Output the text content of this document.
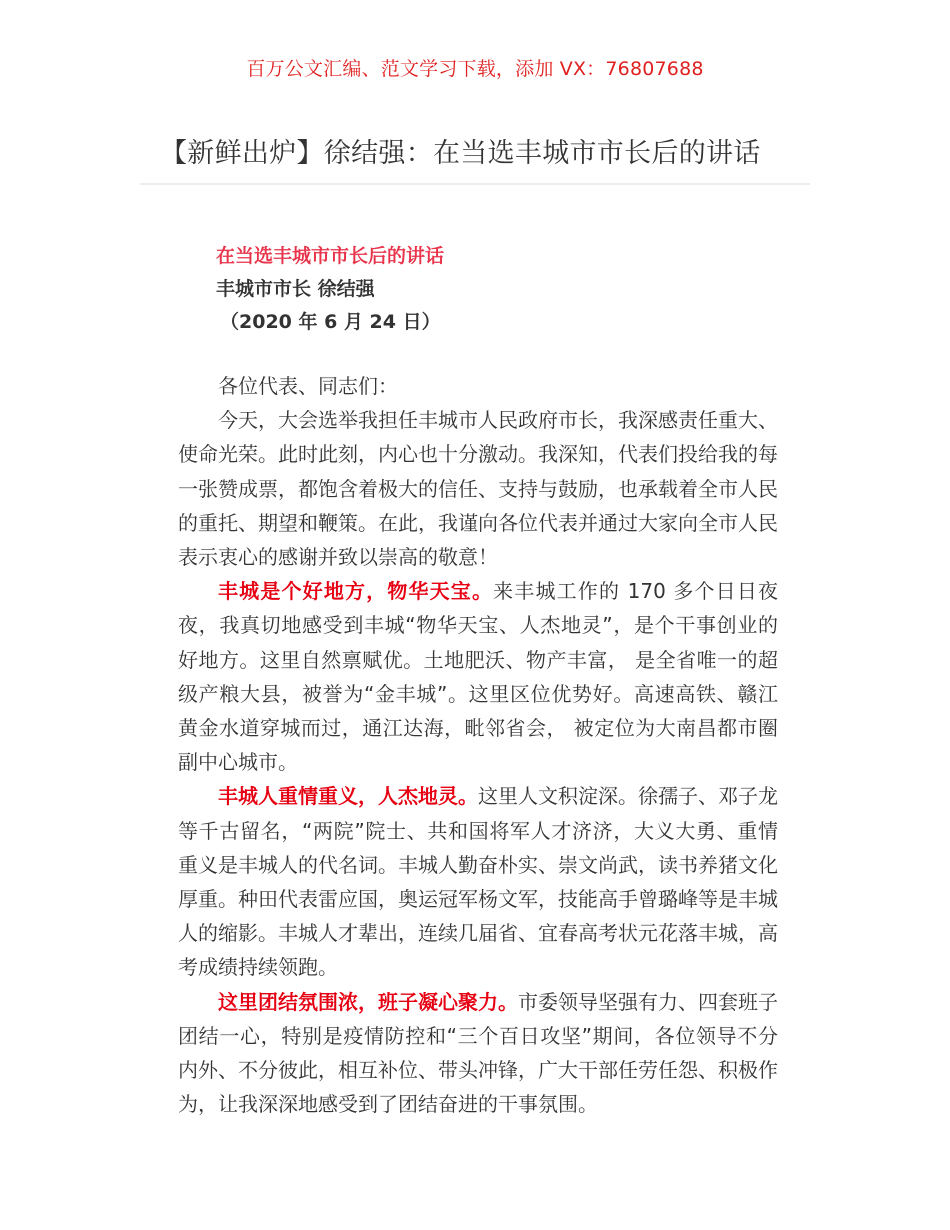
百万公文汇编、范文学习下载，添加 VX：76807688
【新鲜出炉】徐结强：在当选丰城市市长后的讲话
在当选丰城市市长后的讲话
丰城市市长 徐结强
（2020 年 6 月 24 日）

各位代表、同志们：

今天，大会选举我担任丰城市人民政府市长，我深感责任重大、使命光荣。此时此刻，内心也十分激动。我深知，代表们投给我的每一张赞成票，都饱含着极大的信任、支持与鼓励，也承载着全市人民的重托、期望和鞭策。在此，我谨向各位代表并通过大家向全市人民表示衷心的感谢并致以崇高的敬意！

丰城是个好地方，物华天宝。来丰城工作的 170 多个日日夜夜，我真切地感受到丰城“物华天宝、人杰地灵”，是个干事创业的好地方。这里自然禀赋优。土地肥沃、物产丰富， 是全省唯一的超级产粮大县，被誉为“金丰城”。这里区位优势好。高速高铁、赣江黄金水道穿城而过，通江达海，毗邻省会， 被定位为大南昌都市圈副中心城市。

丰城人重情重义，人杰地灵。这里人文积淀深。徐孺子、邓子龙等千古留名，“两院”院士、共和国将军人才济济，大义大勇、重情重义是丰城人的代名词。丰城人勤奋朴实、崇文尚武，读书养猪文化厚重。种田代表雷应国，奥运冠军杨文军，技能高手曾璐峰等是丰城人的缩影。丰城人才辈出，连续几届省、宜春高考状元花落丰城，高考成绩持续领跑。

这里团结氛围浓，班子凝心聚力。市委领导坚强有力、四套班子团结一心，特别是疫情防控和“三个百日攻坚”期间，各位领导不分内外、不分彼此，相互补位、带头冲锋，广大干部任劳任怨、积极作为，让我深深地感受到了团结奋进的干事氛围。
